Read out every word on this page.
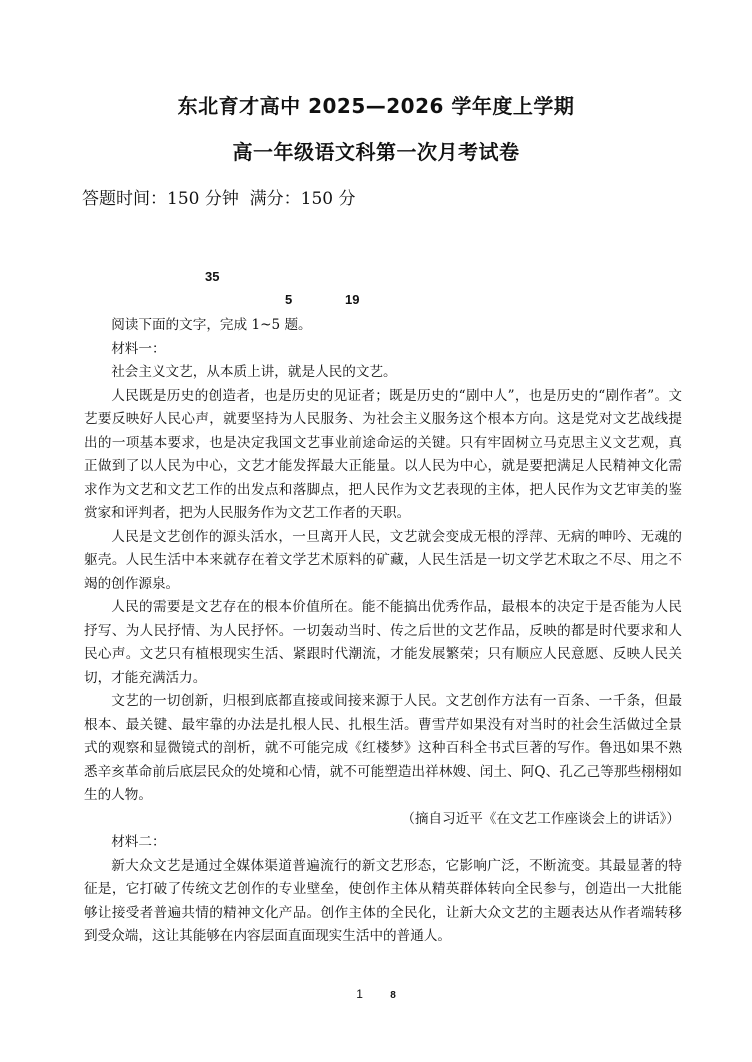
东北育才高中 2025—2026 学年度上学期
高一年级语文科第一次月考试卷
答题时间：150 分钟  满分：150 分
35
5	19

阅读下面的文字，完成 1~5 题。

材料一：

社会主义文艺，从本质上讲，就是人民的文艺。

人民既是历史的创造者，也是历史的见证者；既是历史的“剧中人”，也是历史的“剧作者”。文艺要反映好人民心声，就要坚持为人民服务、为社会主义服务这个根本方向。这是党对文艺战线提出的一项基本要求，也是决定我国文艺事业前途命运的关键。只有牢固树立马克思主义文艺观，真正做到了以人民为中心，文艺才能发挥最大正能量。以人民为中心，就是要把满足人民精神文化需求作为文艺和文艺工作的出发点和落脚点，把人民作为文艺表现的主体，把人民作为文艺审美的鉴赏家和评判者，把为人民服务作为文艺工作者的天职。

人民是文艺创作的源头活水，一旦离开人民，文艺就会变成无根的浮萍、无病的呻吟、无魂的躯壳。人民生活中本来就存在着文学艺术原料的矿藏，人民生活是一切文学艺术取之不尽、用之不竭的创作源泉。

人民的需要是文艺存在的根本价值所在。能不能搞出优秀作品，最根本的决定于是否能为人民抒写、为人民抒情、为人民抒怀。一切轰动当时、传之后世的文艺作品，反映的都是时代要求和人民心声。文艺只有植根现实生活、紧跟时代潮流，才能发展繁荣；只有顺应人民意愿、反映人民关切，才能充满活力。

文艺的一切创新，归根到底都直接或间接来源于人民。文艺创作方法有一百条、一千条，但最根本、最关键、最牢靠的办法是扎根人民、扎根生活。曹雪芹如果没有对当时的社会生活做过全景式的观察和显微镜式的剖析，就不可能完成《红楼梦》这种百科全书式巨著的写作。鲁迅如果不熟悉辛亥革命前后底层民众的处境和心情，就不可能塑造出祥林嫂、闰土、阿Q、孔乙己等那些栩栩如生的人物。

（摘自习近平《在文艺工作座谈会上的讲话》）

材料二：

新大众文艺是通过全媒体渠道普遍流行的新文艺形态，它影响广泛，不断流变。其最显著的特征是，它打破了传统文艺创作的专业壁垒，使创作主体从精英群体转向全民参与，创造出一大批能够让接受者普遍共情的精神文化产品。创作主体的全民化，让新大众文艺的主题表达从作者端转移到受众端，这让其能够在内容层面直面现实生活中的普通人。

1	8
